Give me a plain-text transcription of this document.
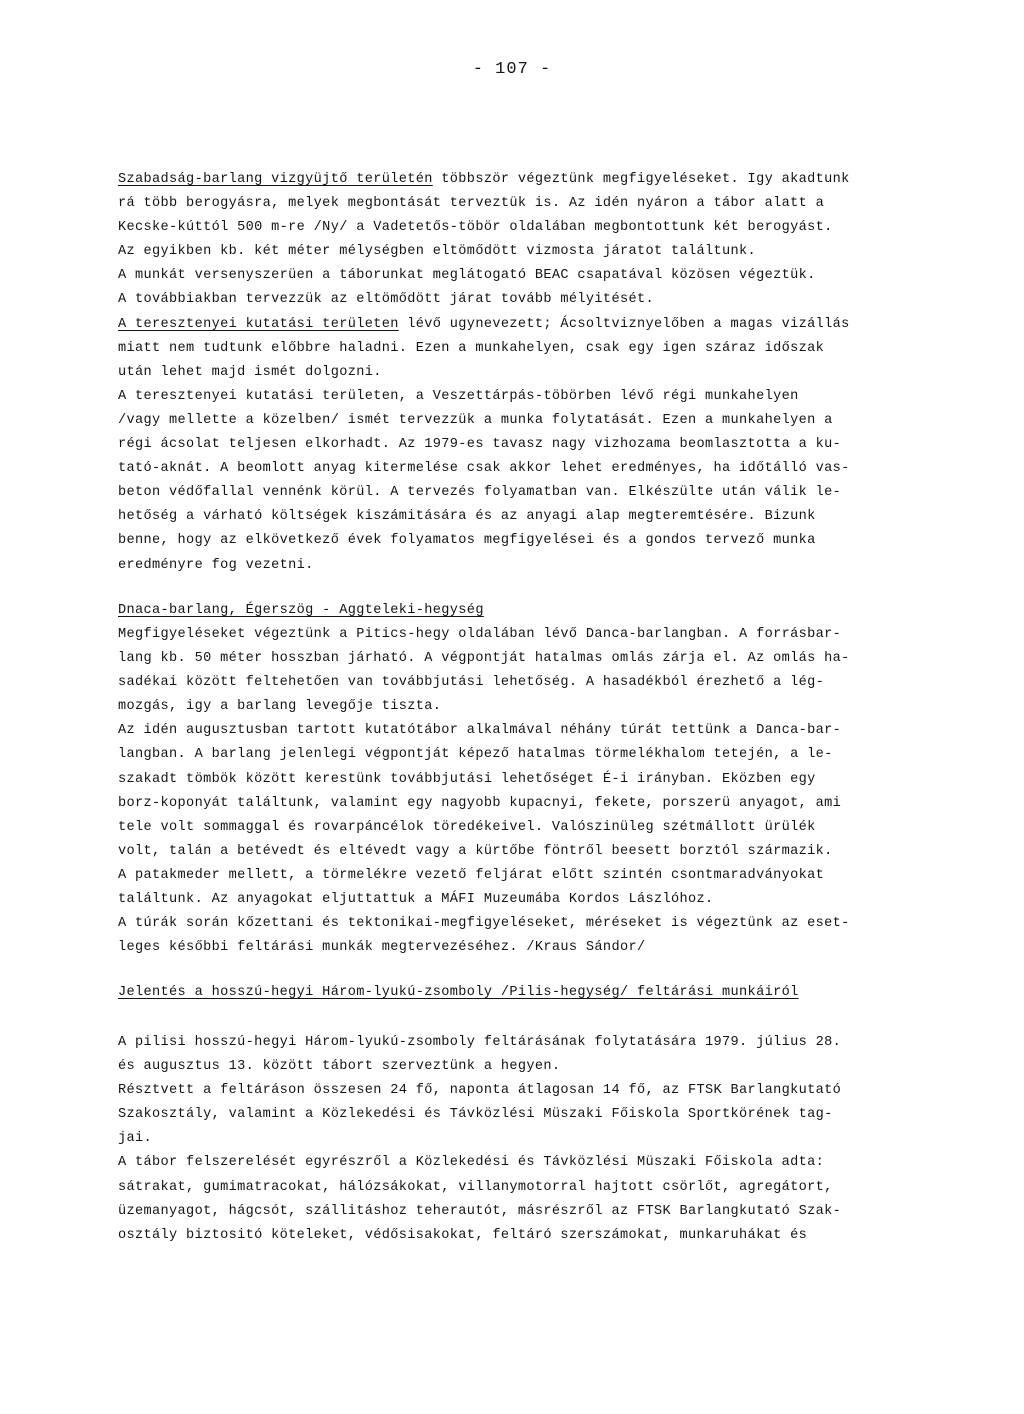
- 107 -
Szabadság-barlang vizgyüjtő területén többször végeztünk megfigyeléseket. Igy akadtunk
rá több berogyásra, melyek megbontását terveztük is. Az idén nyáron a tábor alatt a
Kecske-kúttól 500 m-re /Ny/ a Vadetetős-töbör oldalában megbontottunk két berogyást.
Az egyikben kb. két méter mélységben eltömődött vizmosta járatot találtunk.
A munkát versenyszerüen a táborunkat meglátogató BEAC csapatával közösen végeztük.
A továbbiakban tervezzük az eltömődött járat tovább mélyitését.
A teresztenyei kutatási területen lévő ugynevezett; Ácsoltviznyelőben a magas vizállás
miatt nem tudtunk előbbre haladni. Ezen a munkahelyen, csak egy igen száraz időszak
után lehet majd ismét dolgozni.
A teresztenyei kutatási területen, a Veszettárpás-töbörben lévő régi munkahelyen
/vagy mellette a közelben/ ismét tervezzük a munka folytatását. Ezen a munkahelyen a
régi ácsolat teljesen elkorhadt. Az 1979-es tavasz nagy vizhozama beomlasztotta a ku-
tató-aknát. A beomlott anyag kitermelése csak akkor lehet eredményes, ha időtálló vas-
beton védőfallal vennénk körül. A tervezés folyamatban van. Elkészülte után válik le-
hetőség a várható költségek kiszámitására és az anyagi alap megteremtésére. Bizunk
benne, hogy az elkövetkező évek folyamatos megfigyelései és a gondos tervező munka
eredményre fog vezetni.
Dnaca-barlang, Égerszög - Aggteleki-hegység
Megfigyeléseket végeztünk a Pitics-hegy oldalában lévő Danca-barlangban. A forrásbar-
lang kb. 50 méter hosszban járható. A végpontját hatalmas omlás zárja el. Az omlás ha-
sadékai között feltehetően van továbbjutási lehetőség. A hasadékból érezhető a lég-
mozgás, igy a barlang levegője tiszta.
Az idén augusztusban tartott kutatótábor alkalmával néhány túrát tettünk a Danca-bar-
langban. A barlang jelenlegi végpontját képező hatalmas törmelékhalom tetején, a le-
szakadt tömbök között kerestünk továbbjutási lehetőséget É-i irányban. Eközben egy
borz-koponyát találtunk, valamint egy nagyobb kupacnyi, fekete, porszerü anyagot, ami
tele volt sommaggal és rovarpáncélok töredékeivel. Valószinüleg szétmállott ürülék
volt, talán a betévedt és eltévedt vagy a kürtőbe föntről beesett borztól származik.
A patakmeder mellett, a törmelékre vezető feljárat előtt szintén csontmaradványokat
találtunk. Az anyagokat eljuttattuk a MÁFI Muzeumába Kordos Lászlóhoz.
A túrák során kőzettani és tektonikai-megfigyeléseket, méréseket is végeztünk az eset-
leges későbbi feltárási munkák megtervezéséhez. /Kraus Sándor/
Jelentés a hosszú-hegyi Három-lyukú-zsomboly /Pilis-hegység/ feltárási munkáiról
A pilisi hosszú-hegyi Három-lyukú-zsomboly feltárásának folytatására 1979. július 28.
és augusztus 13. között tábort szerveztünk a hegyen.
Résztvett a feltáráson összesen 24 fő, naponta átlagosan 14 fő, az FTSK Barlangkutató
Szakosztály, valamint a Közlekedési és Távközlési Müszaki Főiskola Sportkörének tag-
jai.
A tábor felszerelését egyrészről a Közlekedési és Távközlési Müszaki Főiskola adta:
sátrakat, gumimatracokat, hálózsákokat, villanymotorral hajtott csörlőt, agregátort,
üzemanyagot, hágcsót, szállitáshoz teherautót, másrészről az FTSK Barlangkutató Szak-
osztály biztositó köteleket, védősisakokat, feltáró szerszámokat, munkaruhákat és
